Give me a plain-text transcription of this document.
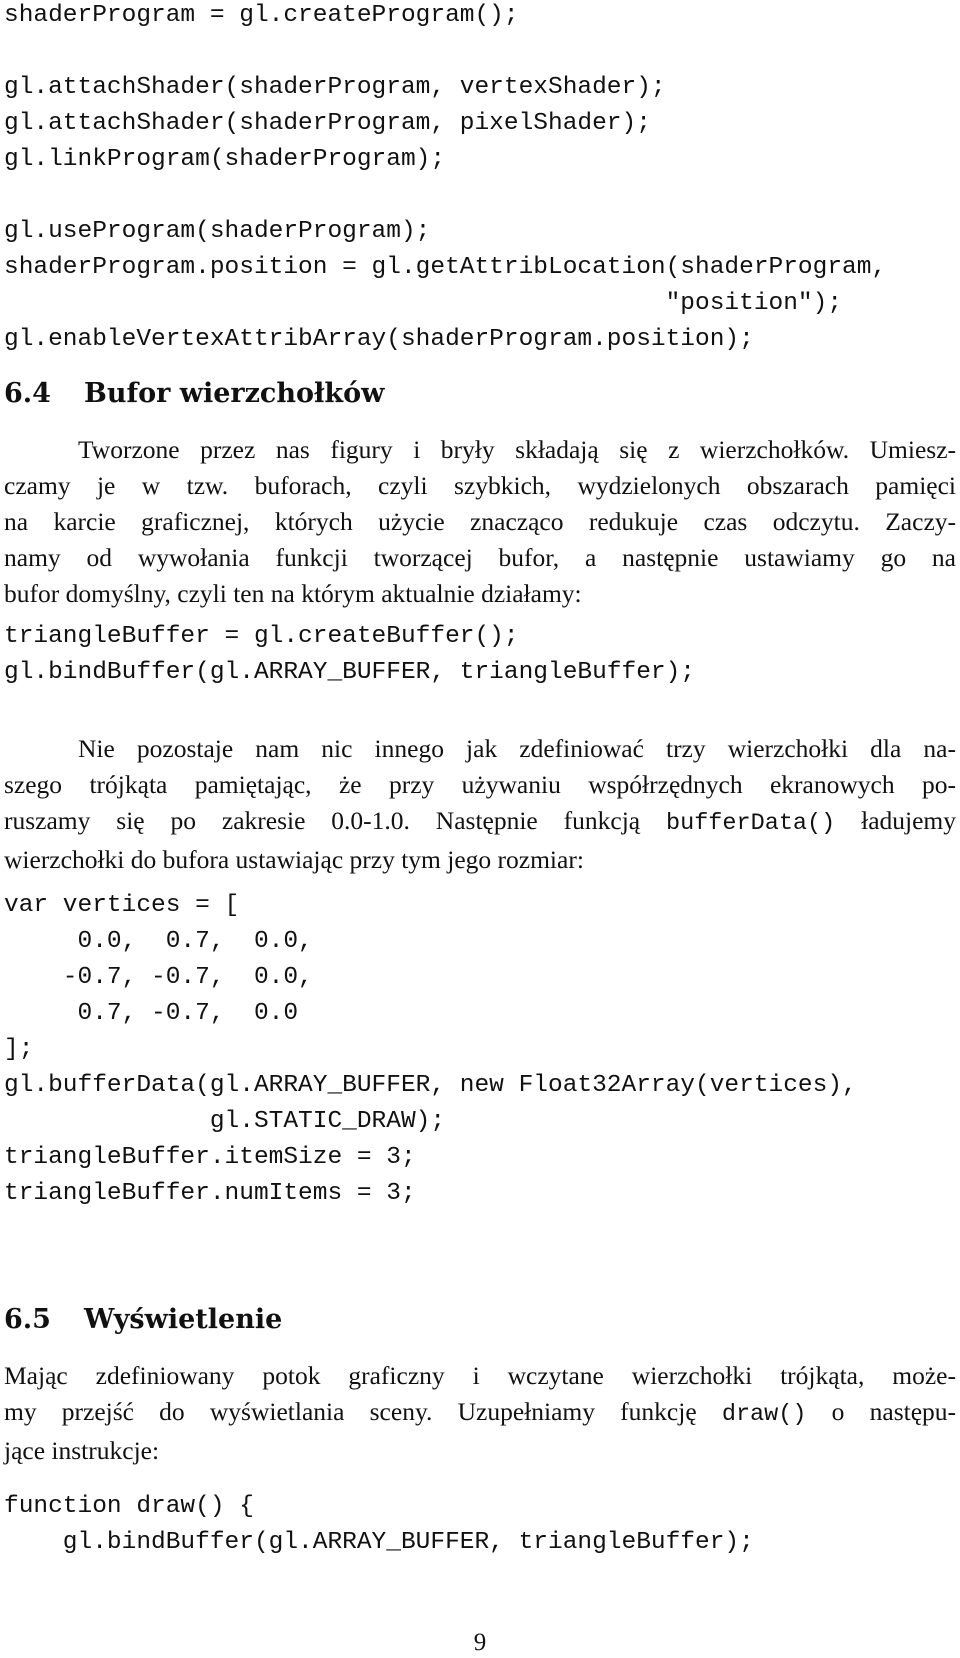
shaderProgram = gl.createProgram();

gl.attachShader(shaderProgram, vertexShader);
gl.attachShader(shaderProgram, pixelShader);
gl.linkProgram(shaderProgram);

gl.useProgram(shaderProgram);
shaderProgram.position = gl.getAttribLocation(shaderProgram,
"position");
gl.enableVertexAttribArray(shaderProgram.position);
6.4 Bufor wierzchołków
Tworzone przez nas figury i bryły składają się z wierzchołków. Umiesz-
czamy je w tzw. buforach, czyli szybkich, wydzielonych obszarach pamięci
na karcie graficznej, których użycie znacząco redukuje czas odczytu. Zaczy-
namy od wywołania funkcji tworzącej bufor, a następnie ustawiamy go na
bufor domyślny, czyli ten na którym aktualnie działamy:
triangleBuffer = gl.createBuffer();
gl.bindBuffer(gl.ARRAY_BUFFER, triangleBuffer);
Nie pozostaje nam nic innego jak zdefiniować trzy wierzchołki dla na-
szego trójkąta pamiętając, że przy używaniu współrzędnych ekranowych po-
ruszamy się po zakresie 0.0-1.0. Następnie funkcją bufferData() ładujemy
wierzchołki do bufora ustawiając przy tym jego rozmiar:
var vertices = [
0.0,  0.7,  0.0,
-0.7, -0.7,  0.0,
0.7, -0.7,  0.0
];
gl.bufferData(gl.ARRAY_BUFFER, new Float32Array(vertices),
gl.STATIC_DRAW);
triangleBuffer.itemSize = 3;
triangleBuffer.numItems = 3;
6.5 Wyświetlenie
Mając zdefiniowany potok graficzny i wczytane wierzchołki trójkąta, może-
my przejść do wyświetlania sceny. Uzupełniamy funkcję draw() o następu-
jące instrukcje:
function draw() {
gl.bindBuffer(gl.ARRAY_BUFFER, triangleBuffer);
9
